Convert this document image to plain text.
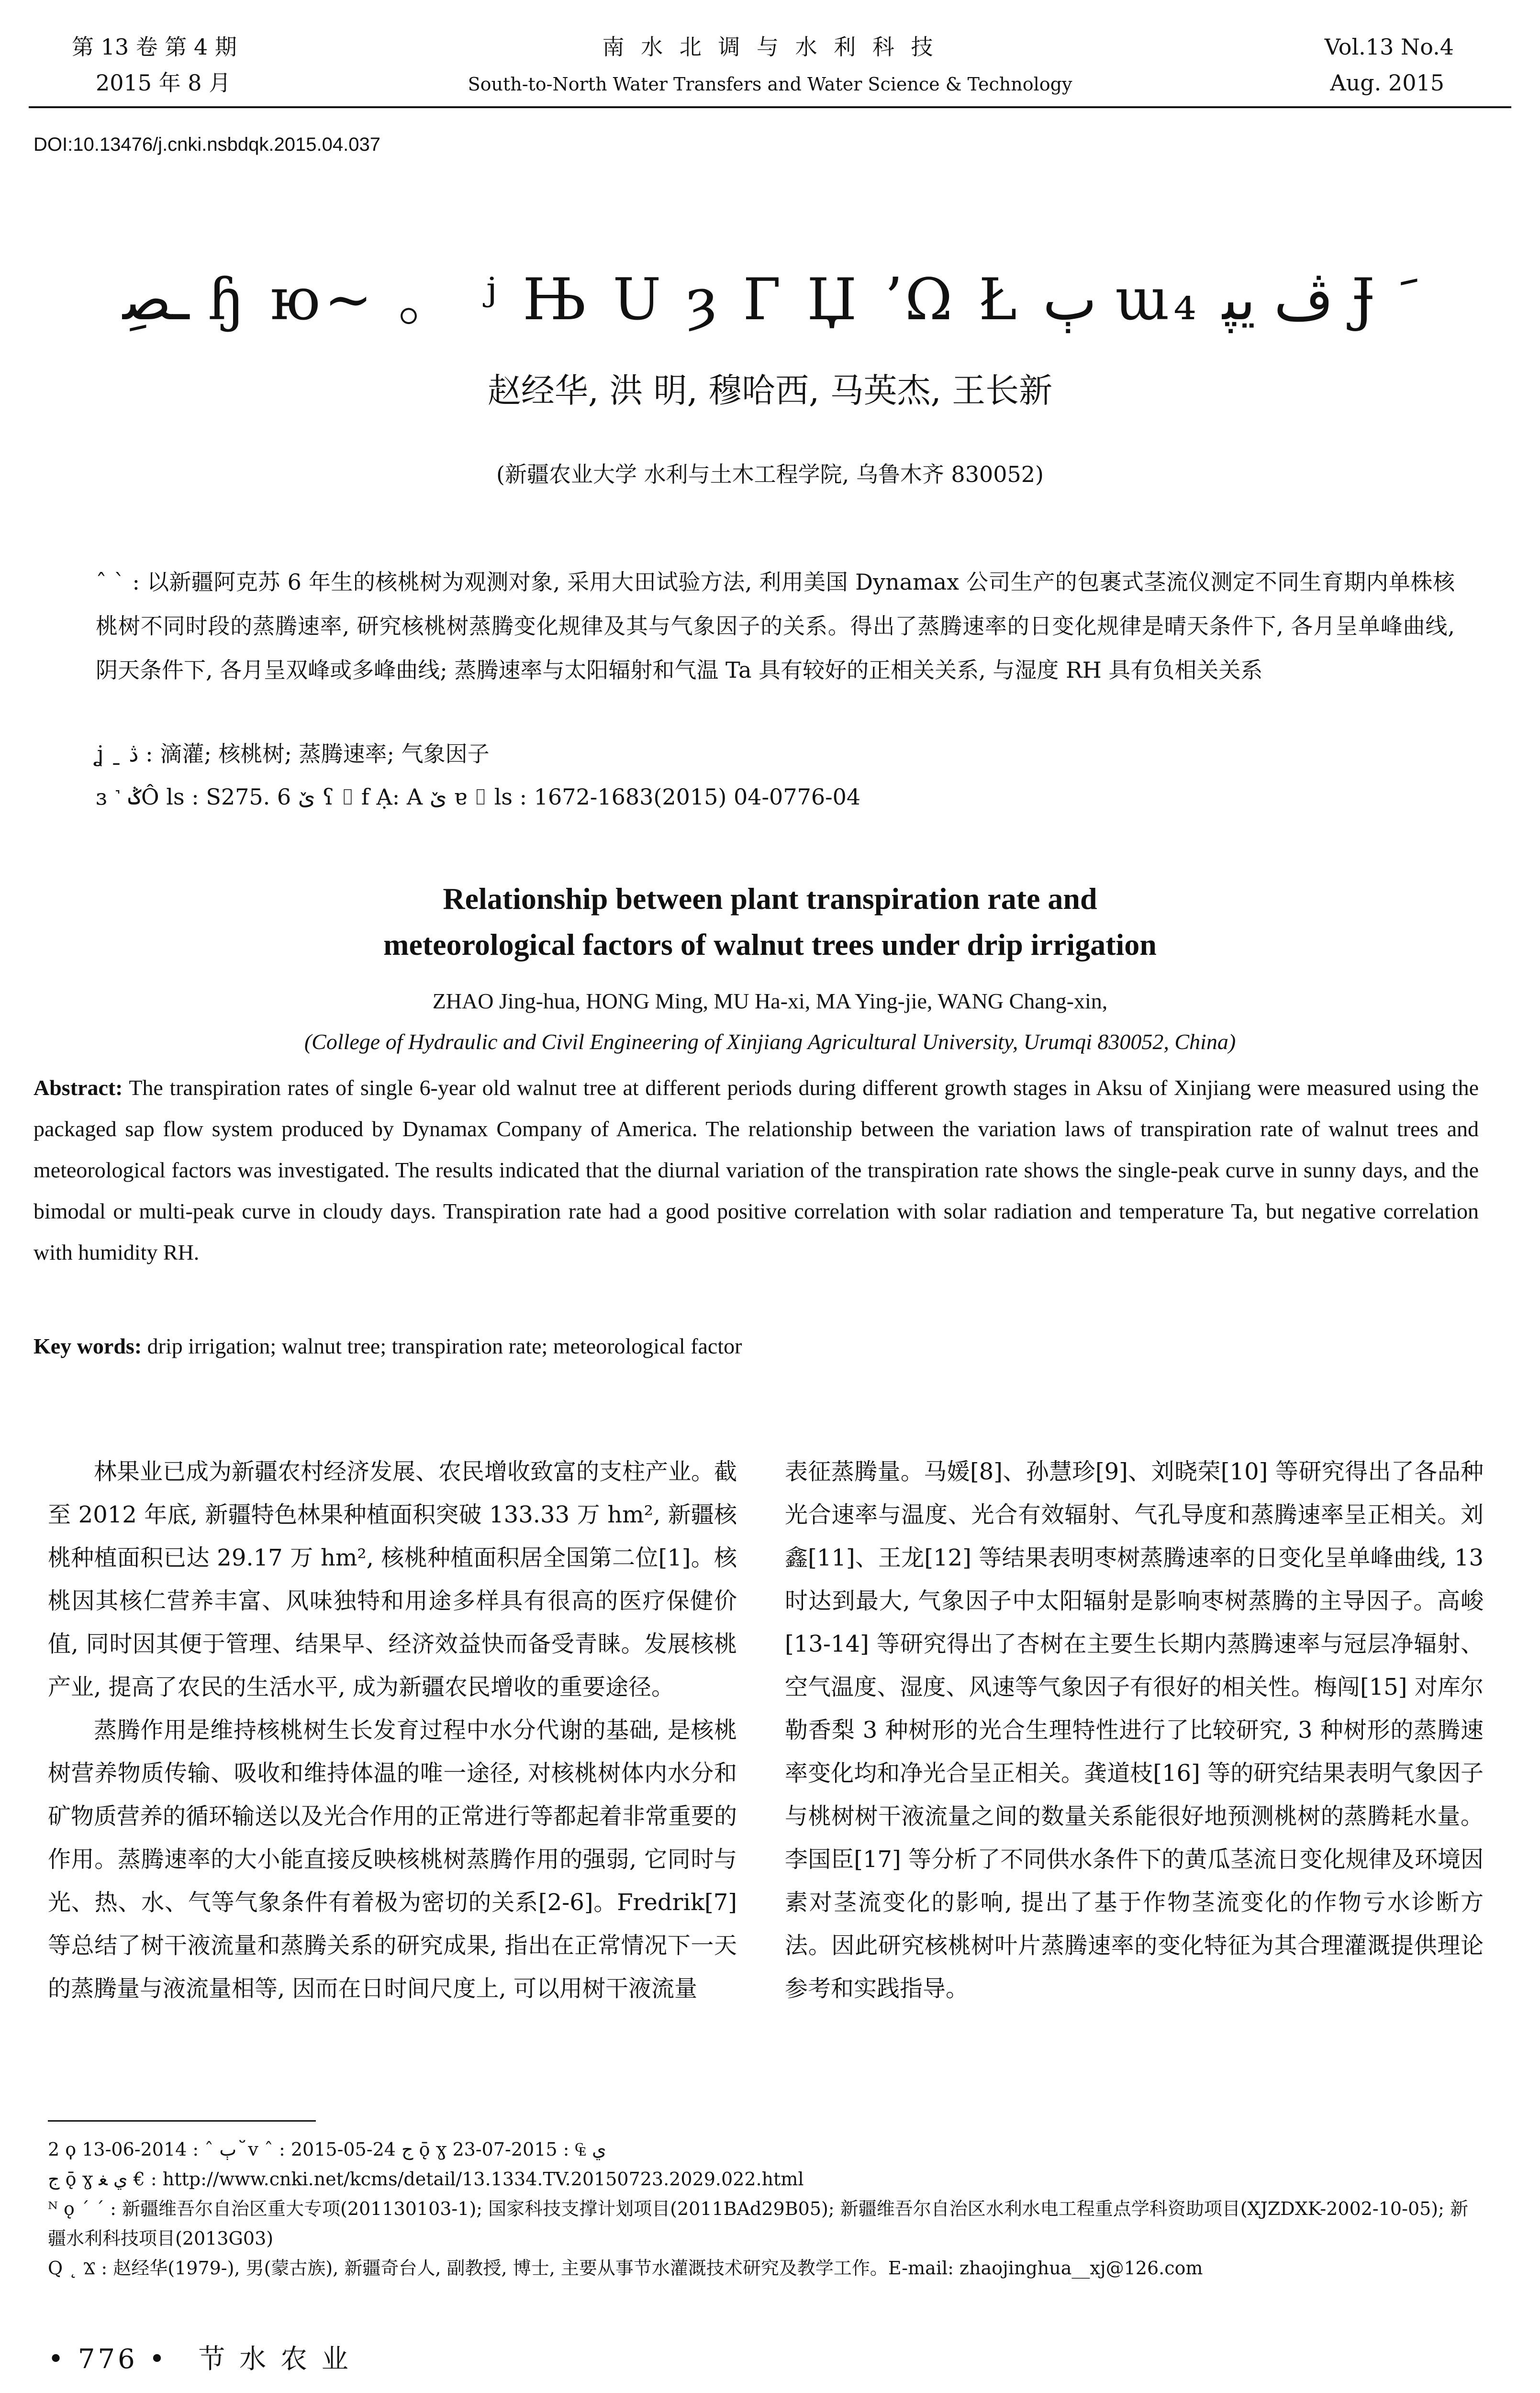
第 13 卷 第 4 期
2015 年 8 月
南 水 北 调 与 水 利 科 技
South-to-North Water Transfers and Water Science & Technology
Vol.13 No.4
Aug. 2015
DOI:10.13476/j.cnki.nsbdqk.2015.04.037
ـﺼِ ɧ ю~ 。 ʲ Њ U ȝ Г Џ ʼΩ Ł ٻ ɯ₄ ڤ ﯾﭙ Ɉ ﹶ
赵经华, 洪 明, 穆哈西, 马英杰, 王长新
(新疆农业大学 水利与土木工程学院, 乌鲁木齐 830052)
ˆ ˋ : 以新疆阿克苏 6 年生的核桃树为观测对象, 采用大田试验方法, 利用美国 Dynamax 公司生产的包裹式茎流仪测定不同生育期内单株核桃树不同时段的蒸腾速率, 研究核桃树蒸腾变化规律及其与气象因子的关系。得出了蒸腾速率的日变化规律是晴天条件下, 各月呈单峰曲线, 阴天条件下, 各月呈双峰或多峰曲线; 蒸腾速率与太阳辐射和气温 Ta 具有较好的正相关关系, 与湿度 RH 具有负相关关系
ʝ ˍ ڎ : 滴灌; 核桃树; 蒸腾速率; 气象因子
ɜ ˺ ݣÔ ls : S275. 6 ێ ʕ ⌷ f Ạ: A ێ ɐ ⌷ ls : 1672-1683(2015) 04-0776-04
Relationship between plant transpiration rate and
meteorological factors of walnut trees under drip irrigation
ZHAO Jing-hua, HONG Ming, MU Ha-xi, MA Ying-jie, WANG Chang-xin,
(College of Hydraulic and Civil Engineering of Xinjiang Agricultural University, Urumqi 830052, China)
Abstract: The transpiration rates of single 6-year old walnut tree at different periods during different growth stages in Aksu of Xinjiang were measured using the packaged sap flow system produced by Dynamax Company of America. The relationship between the variation laws of transpiration rate of walnut trees and meteorological factors was investigated. The results indicated that the diurnal variation of the transpiration rate shows the single-peak curve in sunny days, and the bimodal or multi-peak curve in cloudy days. Transpiration rate had a good positive correlation with solar radiation and temperature Ta, but negative correlation with humidity RH.
Key words: drip irrigation; walnut tree; transpiration rate; meteorological factor

林果业已成为新疆农村经济发展、农民增收致富的支柱产业。截至 2012 年底, 新疆特色林果种植面积突破 133.33 万 hm², 新疆核桃种植面积已达 29.17 万 hm², 核桃种植面积居全国第二位[1]。核桃因其核仁营养丰富、风味独特和用途多样具有很高的医疗保健价值, 同时因其便于管理、结果早、经济效益快而备受青睐。发展核桃产业, 提高了农民的生活水平, 成为新疆农民增收的重要途径。

蒸腾作用是维持核桃树生长发育过程中水分代谢的基础, 是核桃树营养物质传输、吸收和维持体温的唯一途径, 对核桃树体内水分和矿物质营养的循环输送以及光合作用的正常进行等都起着非常重要的作用。蒸腾速率的大小能直接反映核桃树蒸腾作用的强弱, 它同时与光、热、水、气等气象条件有着极为密切的关系[2-6]。Fredrik[7] 等总结了树干液流量和蒸腾关系的研究成果, 指出在正常情况下一天的蒸腾量与液流量相等, 因而在日时间尺度上, 可以用树干液流量

表征蒸腾量。马媛[8]、孙慧珍[9]、刘晓荣[10] 等研究得出了各品种光合速率与温度、光合有效辐射、气孔导度和蒸腾速率呈正相关。刘鑫[11]、王龙[12] 等结果表明枣树蒸腾速率的日变化呈单峰曲线, 13 时达到最大, 气象因子中太阳辐射是影响枣树蒸腾的主导因子。高峻[13-14] 等研究得出了杏树在主要生长期内蒸腾速率与冠层净辐射、空气温度、湿度、风速等气象因子有很好的相关性。梅闯[15] 对库尔勒香梨 3 种树形的光合生理特性进行了比较研究, 3 种树形的蒸腾速率变化均和净光合呈正相关。龚道枝[16] 等的研究结果表明气象因子与桃树树干液流量之间的数量关系能很好地预测桃树的蒸腾耗水量。李国臣[17] 等分析了不同供水条件下的黄瓜茎流日变化规律及环境因素对茎流变化的影响, 提出了基于作物茎流变化的作物亏水诊断方法。因此研究核桃树叶片蒸腾速率的变化特征为其合理灌溉提供理论参考和实践指导。
2 ϙ ٻ ˆ : 2014-06-13 ﬞ ⅴ ˆ : 2015-05-24 ج ǭ ɣ ي ₠ : 2015-07-23
ج ǭ ɣ ي ﻐ € : http://www.cnki.net/kcms/detail/13.1334.TV.20150723.2029.022.html
ᴺ ǫ ˊ ˊ : 新疆维吾尔自治区重大专项(201130103-1); 国家科技支撑计划项目(2011BAd29B05); 新疆维吾尔自治区水利水电工程重点学科资助项目(XJZDXK-2002-10-05); 新疆水利科技项目(2013G03)
Q ˛ Ϫ : 赵经华(1979-), 男(蒙古族), 新疆奇台人, 副教授, 博士, 主要从事节水灌溉技术研究及教学工作。E-mail: zhaojinghua__xj@126.com
• 776 • 节 水 农 业
